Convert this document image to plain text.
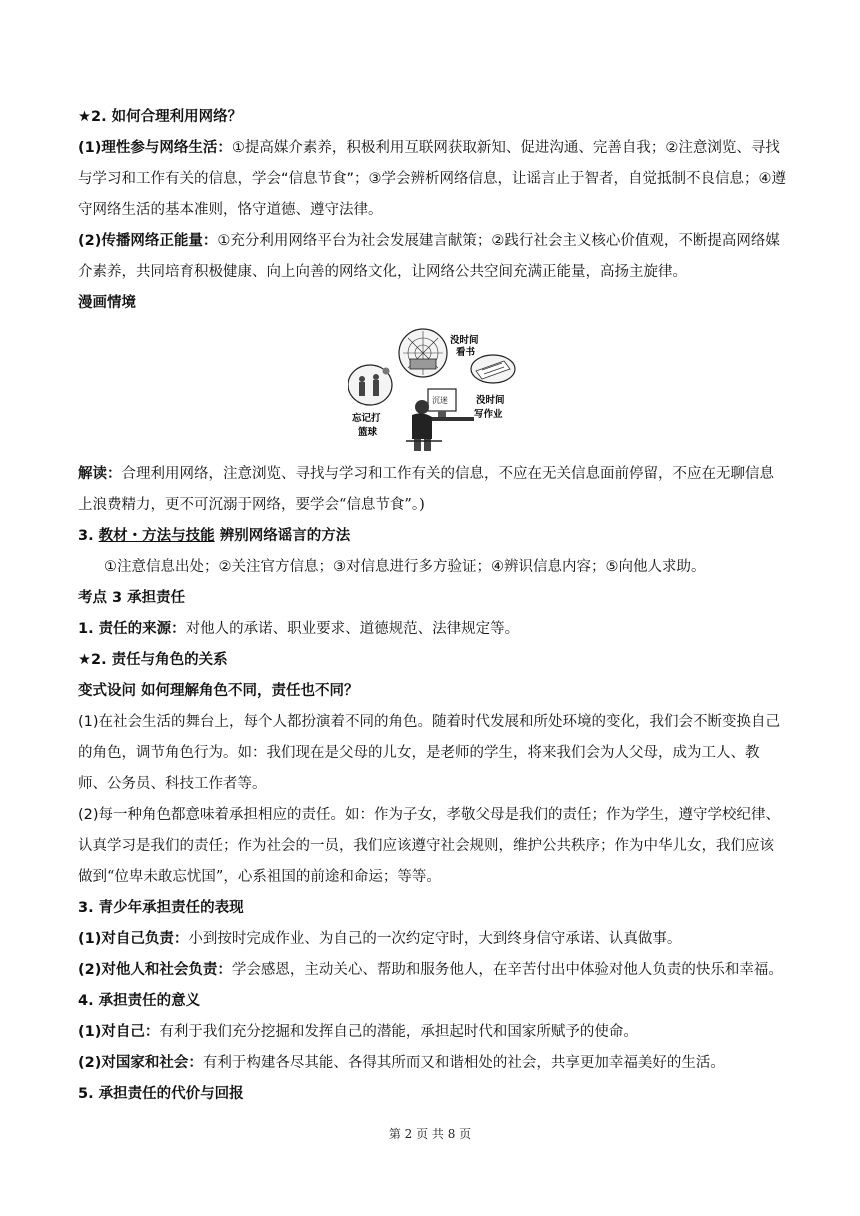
★2. 如何合理利用网络？
(1)理性参与网络生活：①提高媒介素养，积极利用互联网获取新知、促进沟通、完善自我；②注意浏览、寻找与学习和工作有关的信息，学会“信息节食”；③学会辨析网络信息，让谣言止于智者，自觉抵制不良信息；④遵守网络生活的基本准则，恪守道德、遵守法律。
(2)传播网络正能量：①充分利用网络平台为社会发展建言献策；②践行社会主义核心价值观，不断提高网络媒介素养，共同培育积极健康、向上向善的网络文化，让网络公共空间充满正能量，高扬主旋律。
漫画情境
没时间
看书
忘记打
篮球
没时间
写作业
沉迷
解读：合理利用网络，注意浏览、寻找与学习和工作有关的信息，不应在无关信息面前停留，不应在无聊信息上浪费精力，更不可沉溺于网络，要学会“信息节食”。)
3. 教材・方法与技能 辨别网络谣言的方法
①注意信息出处；②关注官方信息；③对信息进行多方验证；④辨识信息内容；⑤向他人求助。
考点 3 承担责任
1. 责任的来源：对他人的承诺、职业要求、道德规范、法律规定等。
★2. 责任与角色的关系
变式设问 如何理解角色不同，责任也不同？
(1)在社会生活的舞台上，每个人都扮演着不同的角色。随着时代发展和所处环境的变化，我们会不断变换自己的角色，调节角色行为。如：我们现在是父母的儿女，是老师的学生，将来我们会为人父母，成为工人、教师、公务员、科技工作者等。
(2)每一种角色都意味着承担相应的责任。如：作为子女，孝敬父母是我们的责任；作为学生，遵守学校纪律、认真学习是我们的责任；作为社会的一员，我们应该遵守社会规则，维护公共秩序；作为中华儿女，我们应该做到“位卑未敢忘忧国”，心系祖国的前途和命运；等等。
3. 青少年承担责任的表现
(1)对自己负责：小到按时完成作业、为自己的一次约定守时，大到终身信守承诺、认真做事。
(2)对他人和社会负责：学会感恩，主动关心、帮助和服务他人，在辛苦付出中体验对他人负责的快乐和幸福。
4. 承担责任的意义
(1)对自己：有利于我们充分挖掘和发挥自己的潜能，承担起时代和国家所赋予的使命。
(2)对国家和社会：有利于构建各尽其能、各得其所而又和谐相处的社会，共享更加幸福美好的生活。
5. 承担责任的代价与回报
第 2 页 共 8 页
